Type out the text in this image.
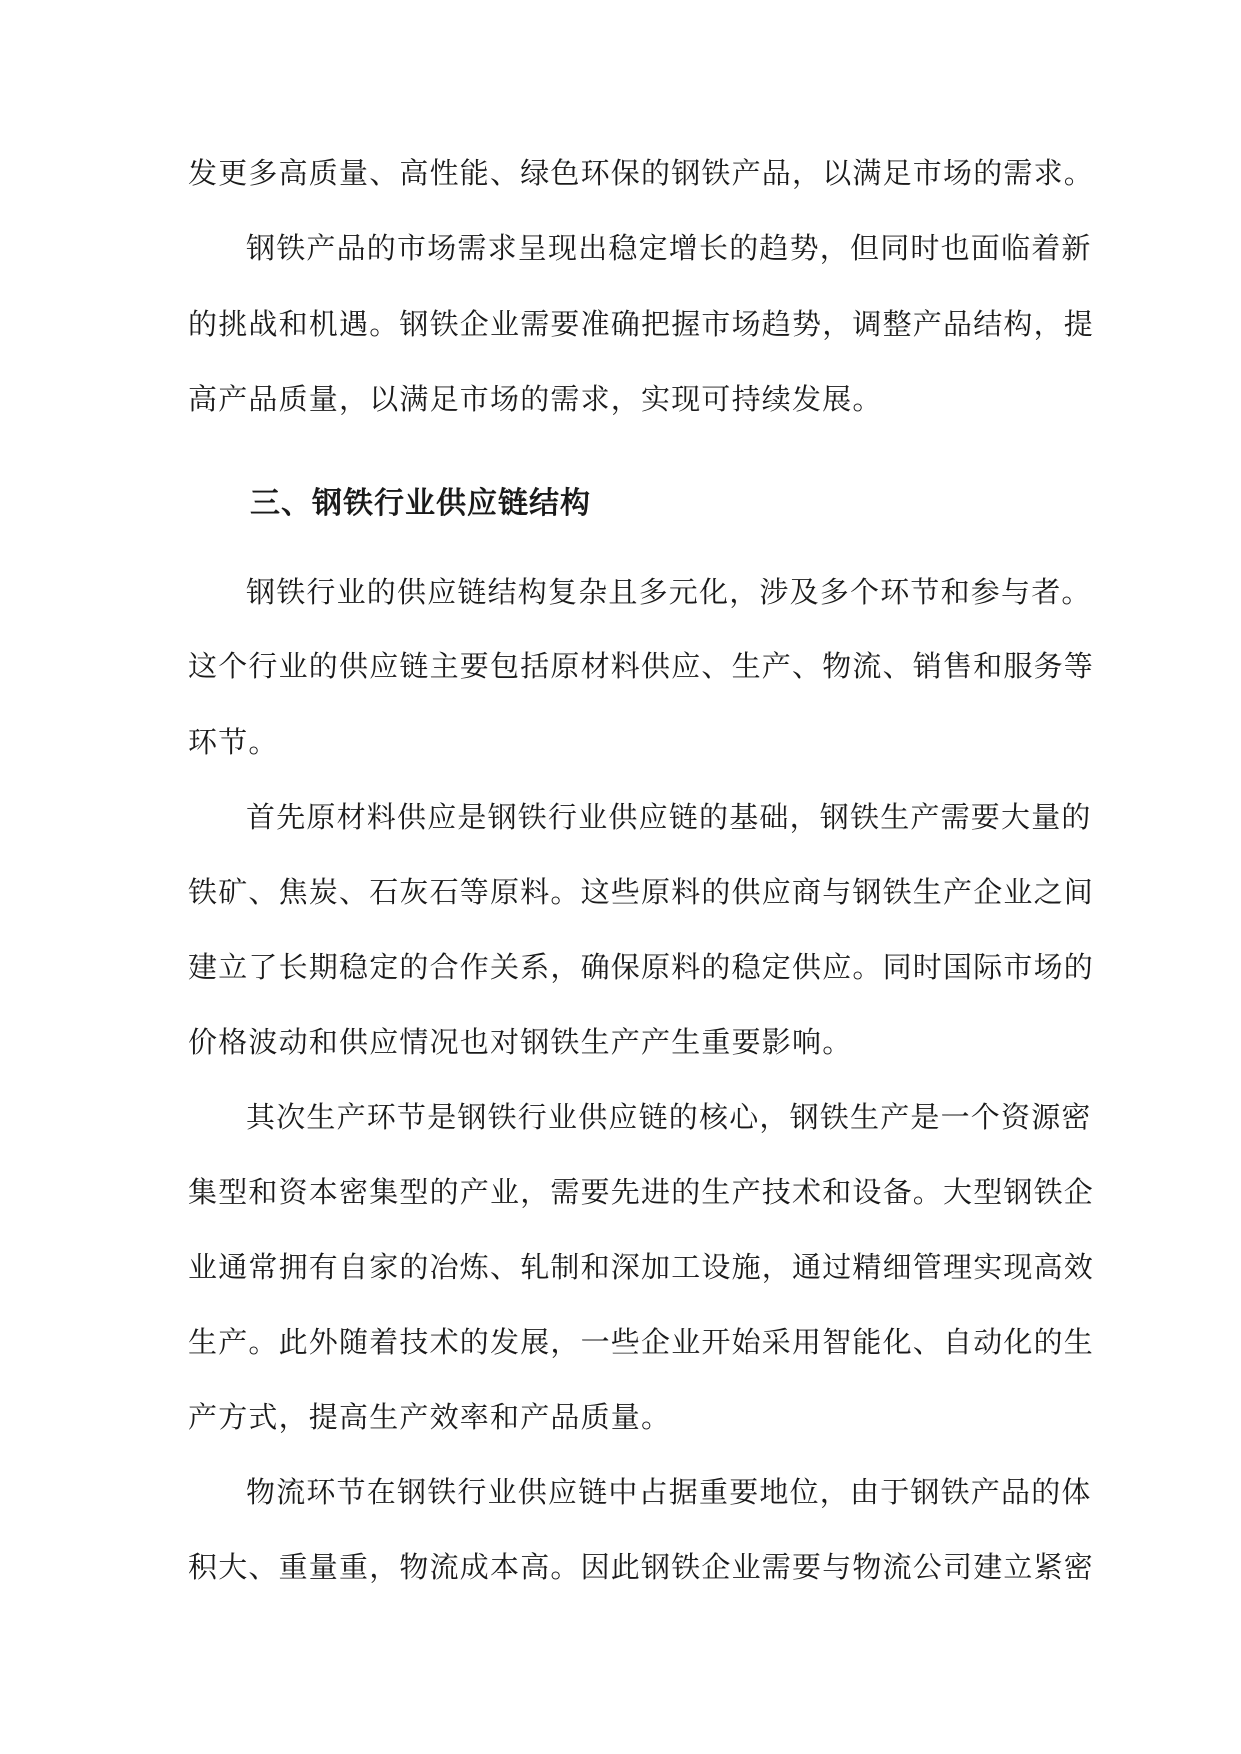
发更多高质量、高性能、绿色环保的钢铁产品，以满足市场的需求。
钢铁产品的市场需求呈现出稳定增长的趋势，但同时也面临着新
的挑战和机遇。钢铁企业需要准确把握市场趋势，调整产品结构，提
高产品质量，以满足市场的需求，实现可持续发展。
三、钢铁行业供应链结构
钢铁行业的供应链结构复杂且多元化，涉及多个环节和参与者。
这个行业的供应链主要包括原材料供应、生产、物流、销售和服务等
环节。
首先原材料供应是钢铁行业供应链的基础，钢铁生产需要大量的
铁矿、焦炭、石灰石等原料。这些原料的供应商与钢铁生产企业之间
建立了长期稳定的合作关系，确保原料的稳定供应。同时国际市场的
价格波动和供应情况也对钢铁生产产生重要影响。
其次生产环节是钢铁行业供应链的核心，钢铁生产是一个资源密
集型和资本密集型的产业，需要先进的生产技术和设备。大型钢铁企
业通常拥有自家的冶炼、轧制和深加工设施，通过精细管理实现高效
生产。此外随着技术的发展，一些企业开始采用智能化、自动化的生
产方式，提高生产效率和产品质量。
物流环节在钢铁行业供应链中占据重要地位，由于钢铁产品的体
积大、重量重，物流成本高。因此钢铁企业需要与物流公司建立紧密
